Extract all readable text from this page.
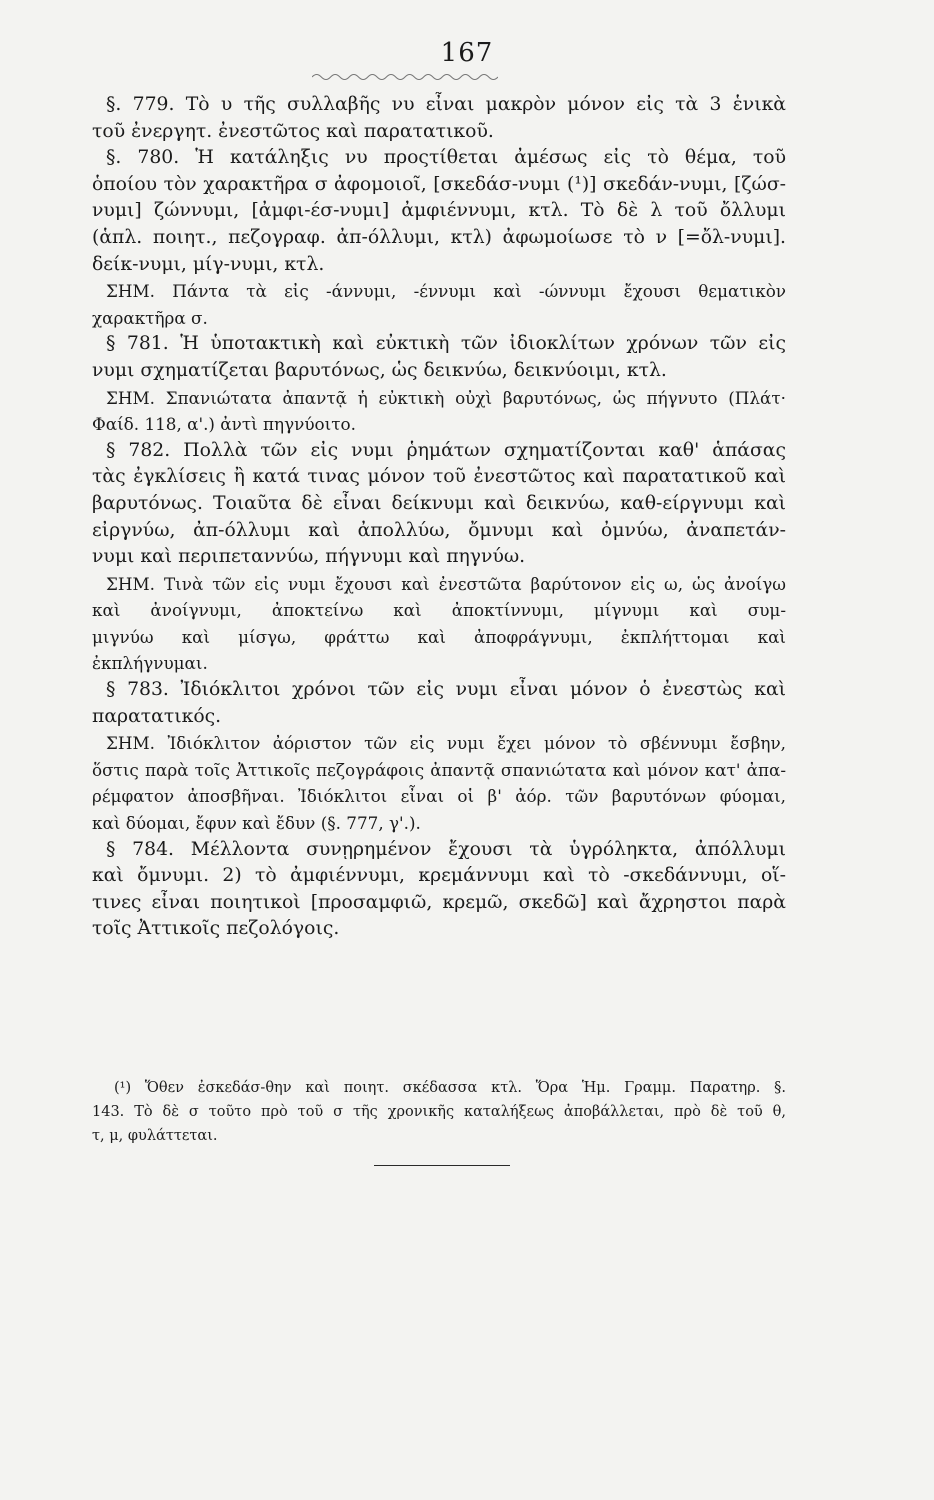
167
§. 779. Τὸ υ τῆς συλλαβῆς νυ εἶναι μακρὸν μόνον εἰς τὰ 3 ἑνικὰ
τοῦ ἐνεργητ. ἐνεστῶτος καὶ παρατατικοῦ.
§. 780. Ἡ κατάληξις νυ προςτίθεται ἀμέσως εἰς τὸ θέμα, τοῦ
ὁποίου τὸν χαρακτῆρα σ ἀφομοιοῖ, [σκεδάσ-νυμι (¹)] σκεδάν-νυμι, [ζώσ-
νυμι] ζώννυμι, [ἀμφι-έσ-νυμι] ἀμφιέννυμι, κτλ. Τὸ δὲ λ τοῦ ὄλλυμι
(ἁπλ. ποιητ., πεζογραφ. ἀπ-όλλυμι, κτλ) ἀφωμοίωσε τὸ ν [=ὄλ-νυμι].
δείκ-νυμι, μίγ-νυμι, κτλ.
ΣΗΜ. Πάντα τὰ εἰς -άννυμι, -έννυμι καὶ -ώννυμι ἔχουσι θεματικὸν
χαρακτῆρα σ.
§ 781. Ἡ ὑποτακτικὴ καὶ εὐκτικὴ τῶν ἰδιοκλίτων χρόνων τῶν εἰς
νυμι σχηματίζεται βαρυτόνως, ὡς δεικνύω, δεικνύοιμι, κτλ.
ΣΗΜ. Σπανιώτατα ἀπαντᾷ ἡ εὐκτικὴ οὐχὶ βαρυτόνως, ὡς πήγνυτο (Πλάτ·
Φαίδ. 118, α'.) ἀντὶ πηγνύοιτο.
§ 782. Πολλὰ τῶν εἰς νυμι ῥημάτων σχηματίζονται καθ' ἁπάσας
τὰς ἐγκλίσεις ἢ κατά τινας μόνον τοῦ ἐνεστῶτος καὶ παρατατικοῦ καὶ
βαρυτόνως. Τοιαῦτα δὲ εἶναι δείκνυμι καὶ δεικνύω, καθ-είργνυμι καὶ
εἰργνύω, ἀπ-όλλυμι καὶ ἀπολλύω, ὄμνυμι καὶ ὀμνύω, ἀναπετάν-
νυμι καὶ περιπεταννύω, πήγνυμι καὶ πηγνύω.
ΣΗΜ. Τινὰ τῶν εἰς νυμι ἔχουσι καὶ ἐνεστῶτα βαρύτονον εἰς ω, ὡς ἀνοίγω
καὶ ἀνοίγνυμι, ἀποκτείνω καὶ ἀποκτίννυμι, μίγνυμι καὶ συμ-
μιγνύω καὶ μίσγω, φράττω καὶ ἀποφράγνυμι, ἐκπλήττομαι καὶ
ἐκπλήγνυμαι.
§ 783. Ἰδιόκλιτοι χρόνοι τῶν εἰς νυμι εἶναι μόνον ὁ ἐνεστὼς καὶ
παρατατικός.
ΣΗΜ. Ἰδιόκλιτον ἀόριστον τῶν εἰς νυμι ἔχει μόνον τὸ σβέννυμι ἔσβην,
ὅστις παρὰ τοῖς Ἀττικοῖς πεζογράφοις ἀπαντᾷ σπανιώτατα καὶ μόνον κατ' ἀπα-
ρέμφατον ἀποσβῆναι. Ἰδιόκλιτοι εἶναι οἱ β' ἀόρ. τῶν βαρυτόνων φύομαι,
καὶ δύομαι, ἔφυν καὶ ἔδυν (§. 777, γ'.).
§ 784. Μέλλοντα συνῃρημένον ἔχουσι τὰ ὑγρόληκτα, ἀπόλλυμι
καὶ ὄμνυμι. 2) τὸ ἀμφιέννυμι, κρεμάννυμι καὶ τὸ -σκεδάννυμι, οἵ-
τινες εἶναι ποιητικοὶ [προσαμφιῶ, κρεμῶ, σκεδῶ] καὶ ἄχρηστοι παρὰ
τοῖς Ἀττικοῖς πεζολόγοις.
(¹) Ὅθεν ἐσκεδάσ-θην καὶ ποιητ. σκέδασσα κτλ. Ὅρα Ἡμ. Γραμμ. Παρατηρ. §.
143. Τὸ δὲ σ τοῦτο πρὸ τοῦ σ τῆς χρονικῆς καταλήξεως ἀποβάλλεται, πρὸ δὲ τοῦ θ,
τ, μ, φυλάττεται.
